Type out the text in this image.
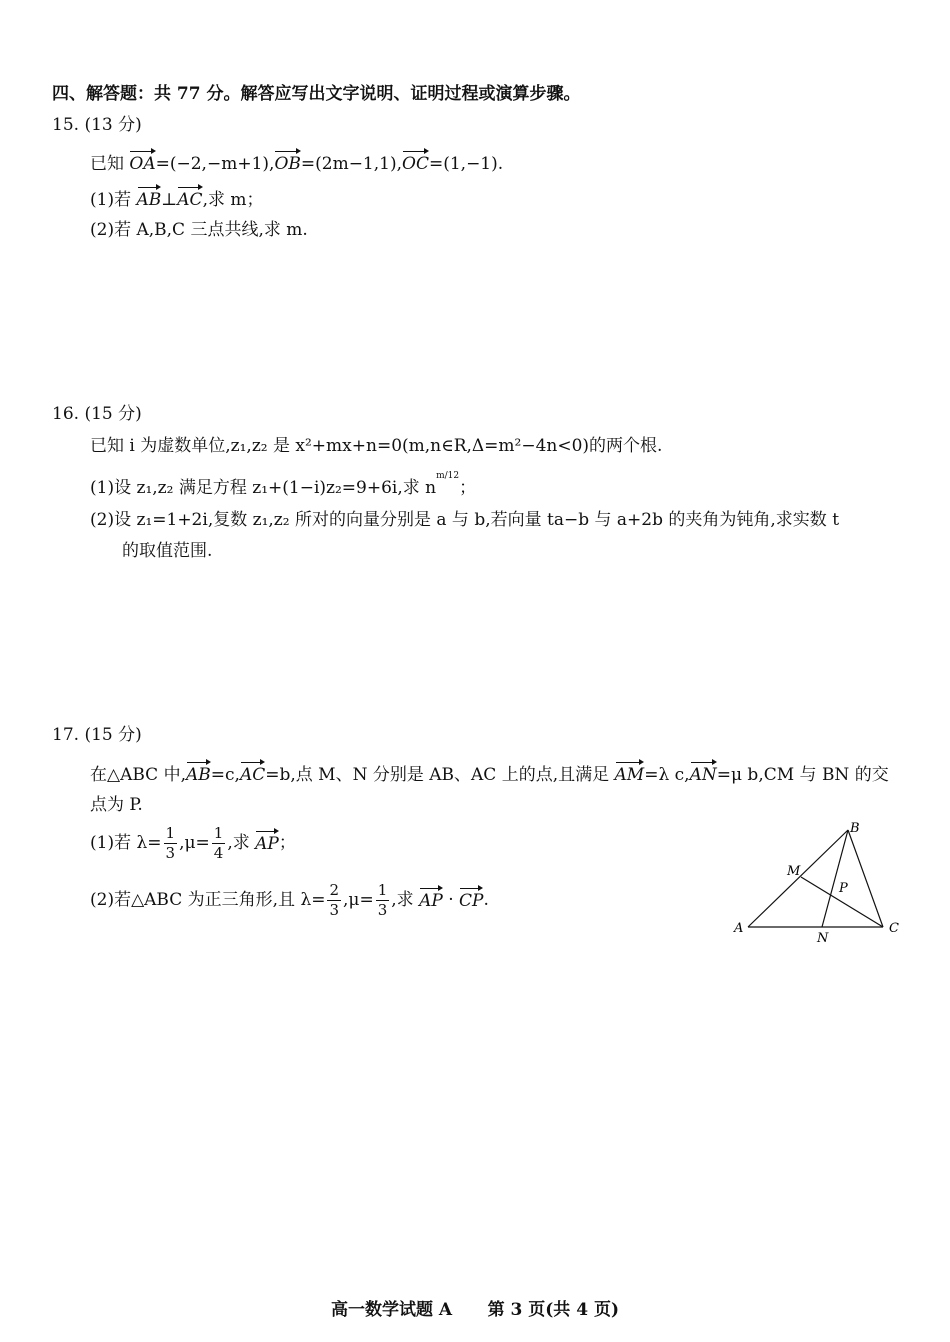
四、解答题：共 77 分。解答应写出文字说明、证明过程或演算步骤。
15. (13 分)
已知 OA=(−2,−m+1),OB=(2m−1,1),OC=(1,−1).
(1)若 AB⊥AC,求 m；
(2)若 A,B,C 三点共线,求 m.
16. (15 分)
已知 i 为虚数单位,z₁,z₂ 是 x²+mx+n=0(m,n∈R,Δ=m²−4n<0)的两个根.
(1)设 z₁,z₂ 满足方程 z₁+(1−i)z₂=9+6i,求 $n^{m/12}$；
(2)设 z₁=1+2i,复数 z₁,z₂ 所对的向量分别是 a 与 b,若向量 ta−b 与 a+2b 的夹角为钝角,求实数 t
的取值范围.
17. (15 分)
在△ABC 中,AB=c,AC=b,点 M、N 分别是 AB、AC 上的点,且满足 AM=λ c,AN=μ b,CM 与 BN 的交
点为 P.
(1)若 $\lambda= \frac{1}{3} ,\mu= \frac{1}{4}$ ,求
AP ；
(2)若△ABC 为正三角形,且 $\lambda= \frac{2}{3} ,\mu= \frac{1}{3}$ ,求
AP
·
CP .
B
M
P
A
N
C
高一数学试题 A      第 3 页(共 4 页)
